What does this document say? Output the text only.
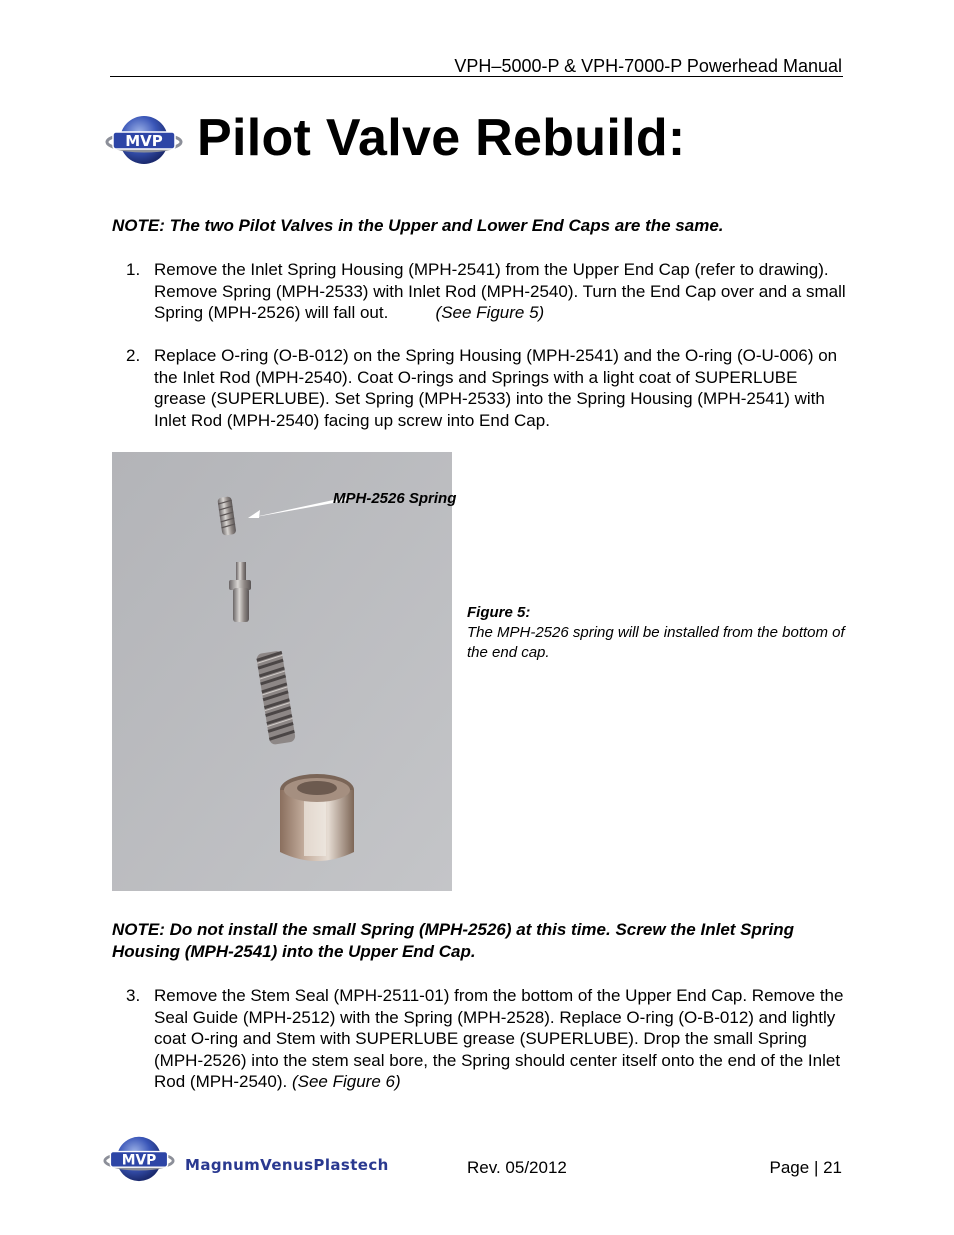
VPH–5000-P & VPH-7000-P Powerhead Manual
MVP Pilot Valve Rebuild:
NOTE: The two Pilot Valves in the Upper and Lower End Caps are the same.
1. Remove the Inlet Spring Housing (MPH-2541) from the Upper End Cap (refer to drawing). Remove Spring (MPH-2533) with Inlet Rod (MPH-2540). Turn the End Cap over and a small Spring (MPH-2526) will fall out.	(See Figure 5)
2. Replace O-ring (O-B-012) on the Spring Housing (MPH-2541) and the O-ring (O-U-006) on the Inlet Rod (MPH-2540). Coat O-rings and Springs with a light coat of SUPERLUBE grease (SUPERLUBE). Set Spring (MPH-2533) into the Spring Housing (MPH-2541) with Inlet Rod (MPH-2540) facing up screw into End Cap.
MPH-2526 Spring
Figure 5:
The MPH-2526 spring will be installed from the bottom of the end cap.
NOTE: Do not install the small Spring (MPH-2526) at this time. Screw the Inlet Spring Housing (MPH-2541) into the Upper End Cap.
3. Remove the Stem Seal (MPH-2511-01) from the bottom of the Upper End Cap. Remove the Seal Guide (MPH-2512) with the Spring (MPH-2528). Replace O-ring (O-B-012) and lightly coat O-ring and Stem with SUPERLUBE grease (SUPERLUBE). Drop the small Spring (MPH-2526) into the stem seal bore, the Spring should center itself onto the end of the Inlet Rod (MPH-2540). (See Figure 6)
MVP MagnumVenusPlastech	Rev. 05/2012	Page | 21
